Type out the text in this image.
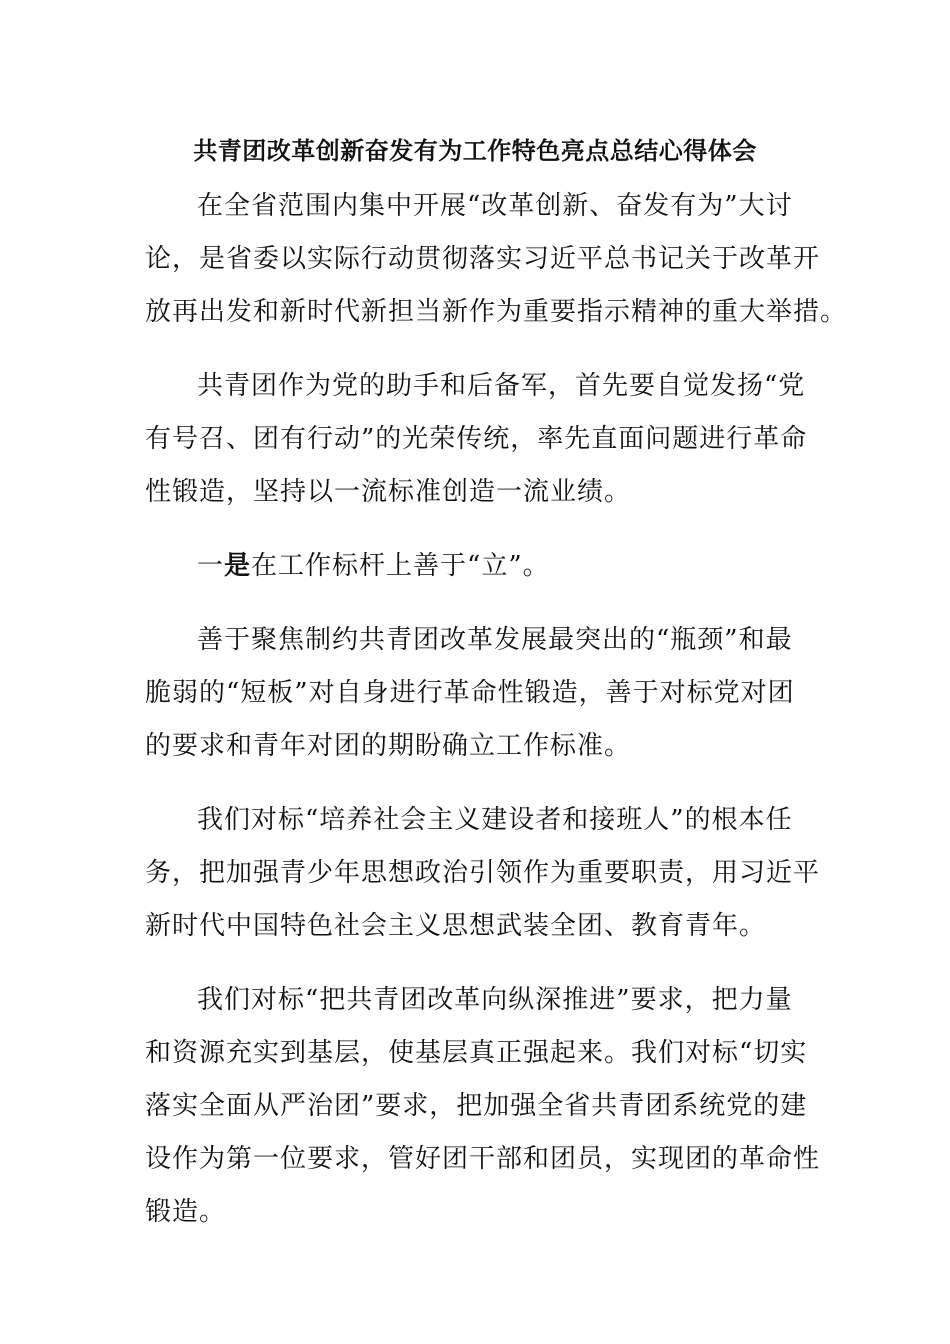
共青团改革创新奋发有为工作特色亮点总结心得体会

在全省范围内集中开展“改革创新、奋发有为”大讨
论，是省委以实际行动贯彻落实习近平总书记关于改革开
放再出发和新时代新担当新作为重要指示精神的重大举措。

共青团作为党的助手和后备军，首先要自觉发扬“党
有号召、团有行动”的光荣传统，率先直面问题进行革命
性锻造，坚持以一流标准创造一流业绩。

一是在工作标杆上善于“立”。

善于聚焦制约共青团改革发展最突出的“瓶颈”和最
脆弱的“短板”对自身进行革命性锻造，善于对标党对团
的要求和青年对团的期盼确立工作标准。

我们对标“培养社会主义建设者和接班人”的根本任
务，把加强青少年思想政治引领作为重要职责，用习近平
新时代中国特色社会主义思想武装全团、教育青年。

我们对标“把共青团改革向纵深推进”要求，把力量
和资源充实到基层，使基层真正强起来。我们对标“切实
落实全面从严治团”要求，把加强全省共青团系统党的建
设作为第一位要求，管好团干部和团员，实现团的革命性
锻造。
